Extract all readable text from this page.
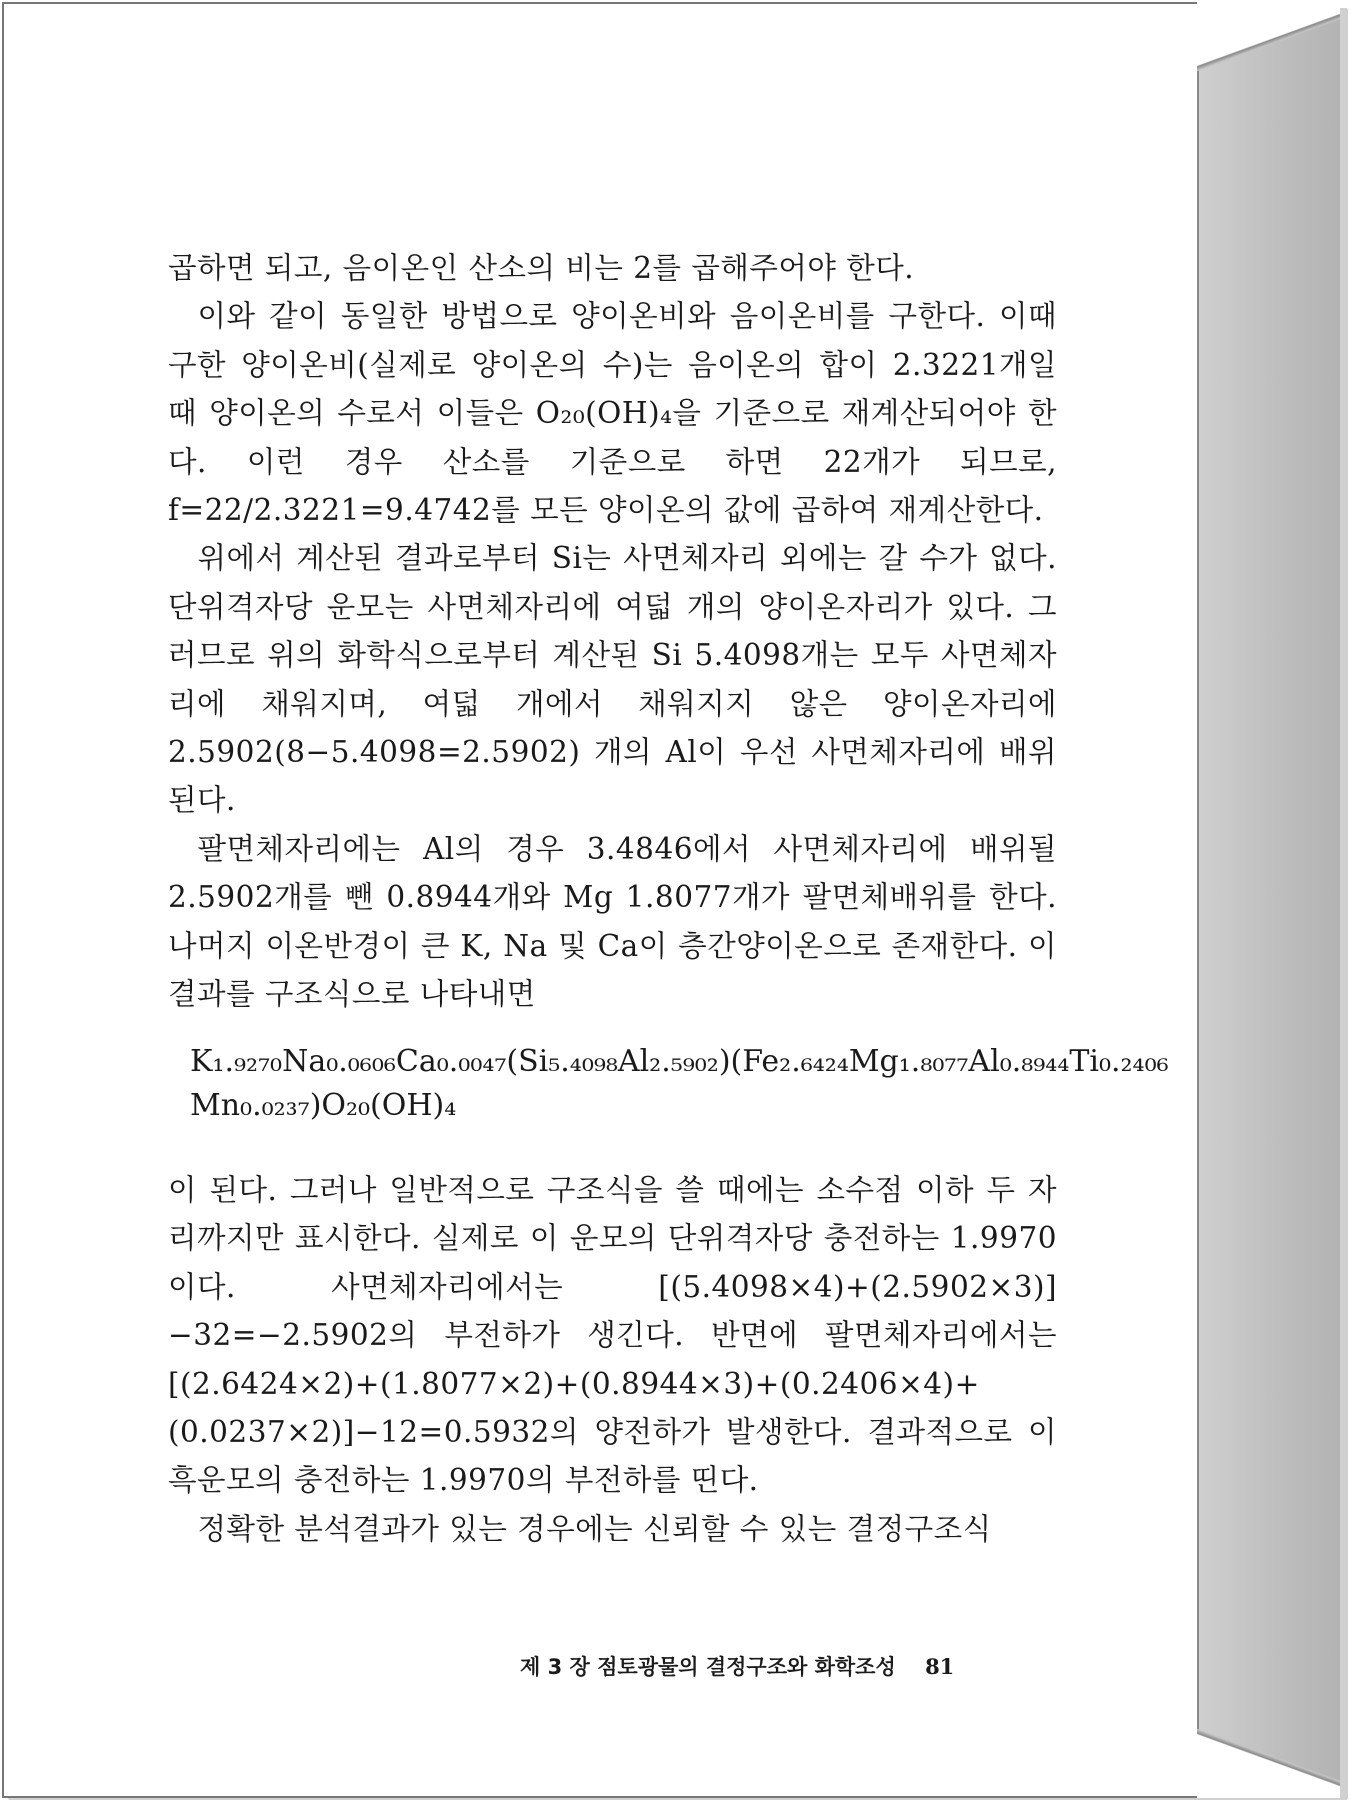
곱하면 되고, 음이온인 산소의 비는 2를 곱해주어야 한다.

이와 같이 동일한 방법으로 양이온비와 음이온비를 구한다. 이때 구한 양이온비(실제로 양이온의 수)는 음이온의 합이 2.3221개일 때 양이온의 수로서 이들은 O₂₀(OH)₄을 기준으로 재계산되어야 한다. 이런 경우 산소를 기준으로 하면 22개가 되므로, f=22/2.3221=9.4742를 모든 양이온의 값에 곱하여 재계산한다.

위에서 계산된 결과로부터 Si는 사면체자리 외에는 갈 수가 없다. 단위격자당 운모는 사면체자리에 여덟 개의 양이온자리가 있다. 그러므로 위의 화학식으로부터 계산된 Si 5.4098개는 모두 사면체자리에 채워지며, 여덟 개에서 채워지지 않은 양이온자리에 2.5902(8−5.4098=2.5902) 개의 Al이 우선 사면체자리에 배위된다.

팔면체자리에는 Al의 경우 3.4846에서 사면체자리에 배위될 2.5902개를 뺀 0.8944개와 Mg 1.8077개가 팔면체배위를 한다. 나머지 이온반경이 큰 K, Na 및 Ca이 층간양이온으로 존재한다. 이 결과를 구조식으로 나타내면

K₁.₉₂₇₀Na₀.₀₆₀₆Ca₀.₀₀₄₇(Si₅.₄₀₉₈Al₂.₅₉₀₂)(Fe₂.₆₄₂₄Mg₁.₈₀₇₇Al₀.₈₉₄₄Ti₀.₂₄₀₆
Mn₀.₀₂₃₇)O₂₀(OH)₄

이 된다. 그러나 일반적으로 구조식을 쓸 때에는 소수점 이하 두 자리까지만 표시한다. 실제로 이 운모의 단위격자당 충전하는 1.9970이다. 사면체자리에서는 [(5.4098×4)+(2.5902×3)]−32=−2.5902의 부전하가 생긴다. 반면에 팔면체자리에서는 [(2.6424×2)+(1.8077×2)+(0.8944×3)+(0.2406×4)+(0.0237×2)]−12=0.5932의 양전하가 발생한다. 결과적으로 이 흑운모의 충전하는 1.9970의 부전하를 띤다.

정확한 분석결과가 있는 경우에는 신뢰할 수 있는 결정구조식

제 3 장 점토광물의 결정구조와 화학조성 81
